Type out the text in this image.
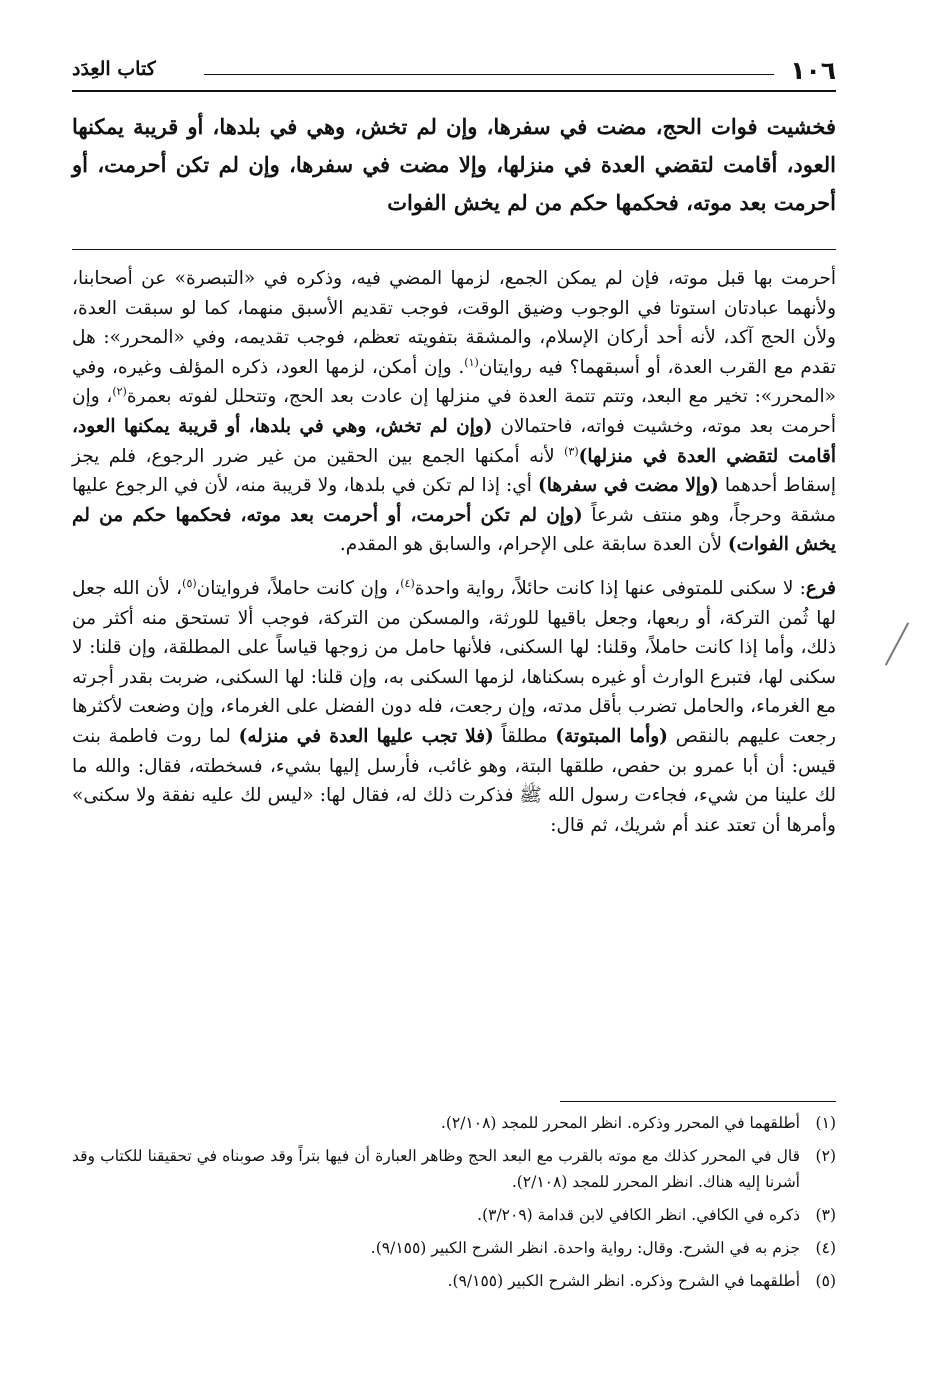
١٠٦
كتاب العِدَد
فخشيت فوات الحج، مضت في سفرها، وإن لم تخش، وهي في بلدها، أو قريبة يمكنها العود، أقامت لتقضي العدة في منزلها، وإلا مضت في سفرها، وإن لم تكن أحرمت، أو أحرمت بعد موته، فحكمها حكم من لم يخش الفوات

أحرمت بها قبل موته، فإن لم يمكن الجمع، لزمها المضي فيه، وذكره في «التبصرة» عن أصحابنا، ولأنهما عبادتان استوتا في الوجوب وضيق الوقت، فوجب تقديم الأسبق منهما، كما لو سبقت العدة، ولأن الحج آكد، لأنه أحد أركان الإسلام، والمشقة بتفويته تعظم، فوجب تقديمه، وفي «المحرر»: هل تقدم مع القرب العدة، أو أسبقهما؟ فيه روايتان$^{(١)}$. وإن أمكن، لزمها العود، ذكره المؤلف وغيره، وفي «المحرر»: تخير مع البعد، وتتم تتمة العدة في منزلها إن عادت بعد الحج، وتتحلل لفوته بعمرة$^{(٢)}$، وإن أحرمت بعد موته، وخشيت فواته، فاحتمالان (وإن لم تخش، وهي في بلدها، أو قريبة يمكنها العود، أقامت لتقضي العدة في منزلها)$^{(٣)}$ لأنه أمكنها الجمع بين الحقين من غير ضرر الرجوع، فلم يجز إسقاط أحدهما (وإلا مضت في سفرها) أي: إذا لم تكن في بلدها، ولا قريبة منه، لأن في الرجوع عليها مشقة وحرجاً، وهو منتف شرعاً (وإن لم تكن أحرمت، أو أحرمت بعد موته، فحكمها حكم من لم يخش الفوات) لأن العدة سابقة على الإحرام، والسابق هو المقدم.

فرع: لا سكنى للمتوفى عنها إذا كانت حائلاً، رواية واحدة$^{(٤)}$، وإن كانت حاملاً، فروايتان$^{(٥)}$، لأن الله جعل لها ثُمن التركة، أو ربعها، وجعل باقيها للورثة، والمسكن من التركة، فوجب ألا تستحق منه أكثر من ذلك، وأما إذا كانت حاملاً، وقلنا: لها السكنى، فلأنها حامل من زوجها قياساً على المطلقة، وإن قلنا: لا سكنى لها، فتبرع الوارث أو غيره بسكناها، لزمها السكنى به، وإن قلنا: لها السكنى، ضربت بقدر أجرته مع الغرماء، والحامل تضرب بأقل مدته، وإن رجعت، فله دون الفضل على الغرماء، وإن وضعت لأكثرها رجعت عليهم بالنقص (وأما المبتوتة) مطلقاً (فلا تجب عليها العدة في منزله) لما روت فاطمة بنت قيس: أن أبا عمرو بن حفص، طلقها البتة، وهو غائب، فأرسل إليها بشيء، فسخطته، فقال: والله ما لك علينا من شيء، فجاءت رسول الله ﷺ فذكرت ذلك له، فقال لها: «ليس لك عليه نفقة ولا سكنى» وأمرها أن تعتد عند أم شريك، ثم قال:

(١)
أطلقهما في المحرر وذكره. انظر المحرر للمجد (٢/١٠٨).
(٢)
قال في المحرر كذلك مع موته بالقرب مع البعد الحج وظاهر العبارة أن فيها بتراً وقد صوبناه في تحقيقنا للكتاب وقد أشرنا إليه هناك. انظر المحرر للمجد (٢/١٠٨).
(٣)
ذكره في الكافي. انظر الكافي لابن قدامة (٣/٢٠٩).
(٤)
جزم به في الشرح. وقال: رواية واحدة. انظر الشرح الكبير (٩/١٥٥).
(٥)
أطلقهما في الشرح وذكره. انظر الشرح الكبير (٩/١٥٥).
